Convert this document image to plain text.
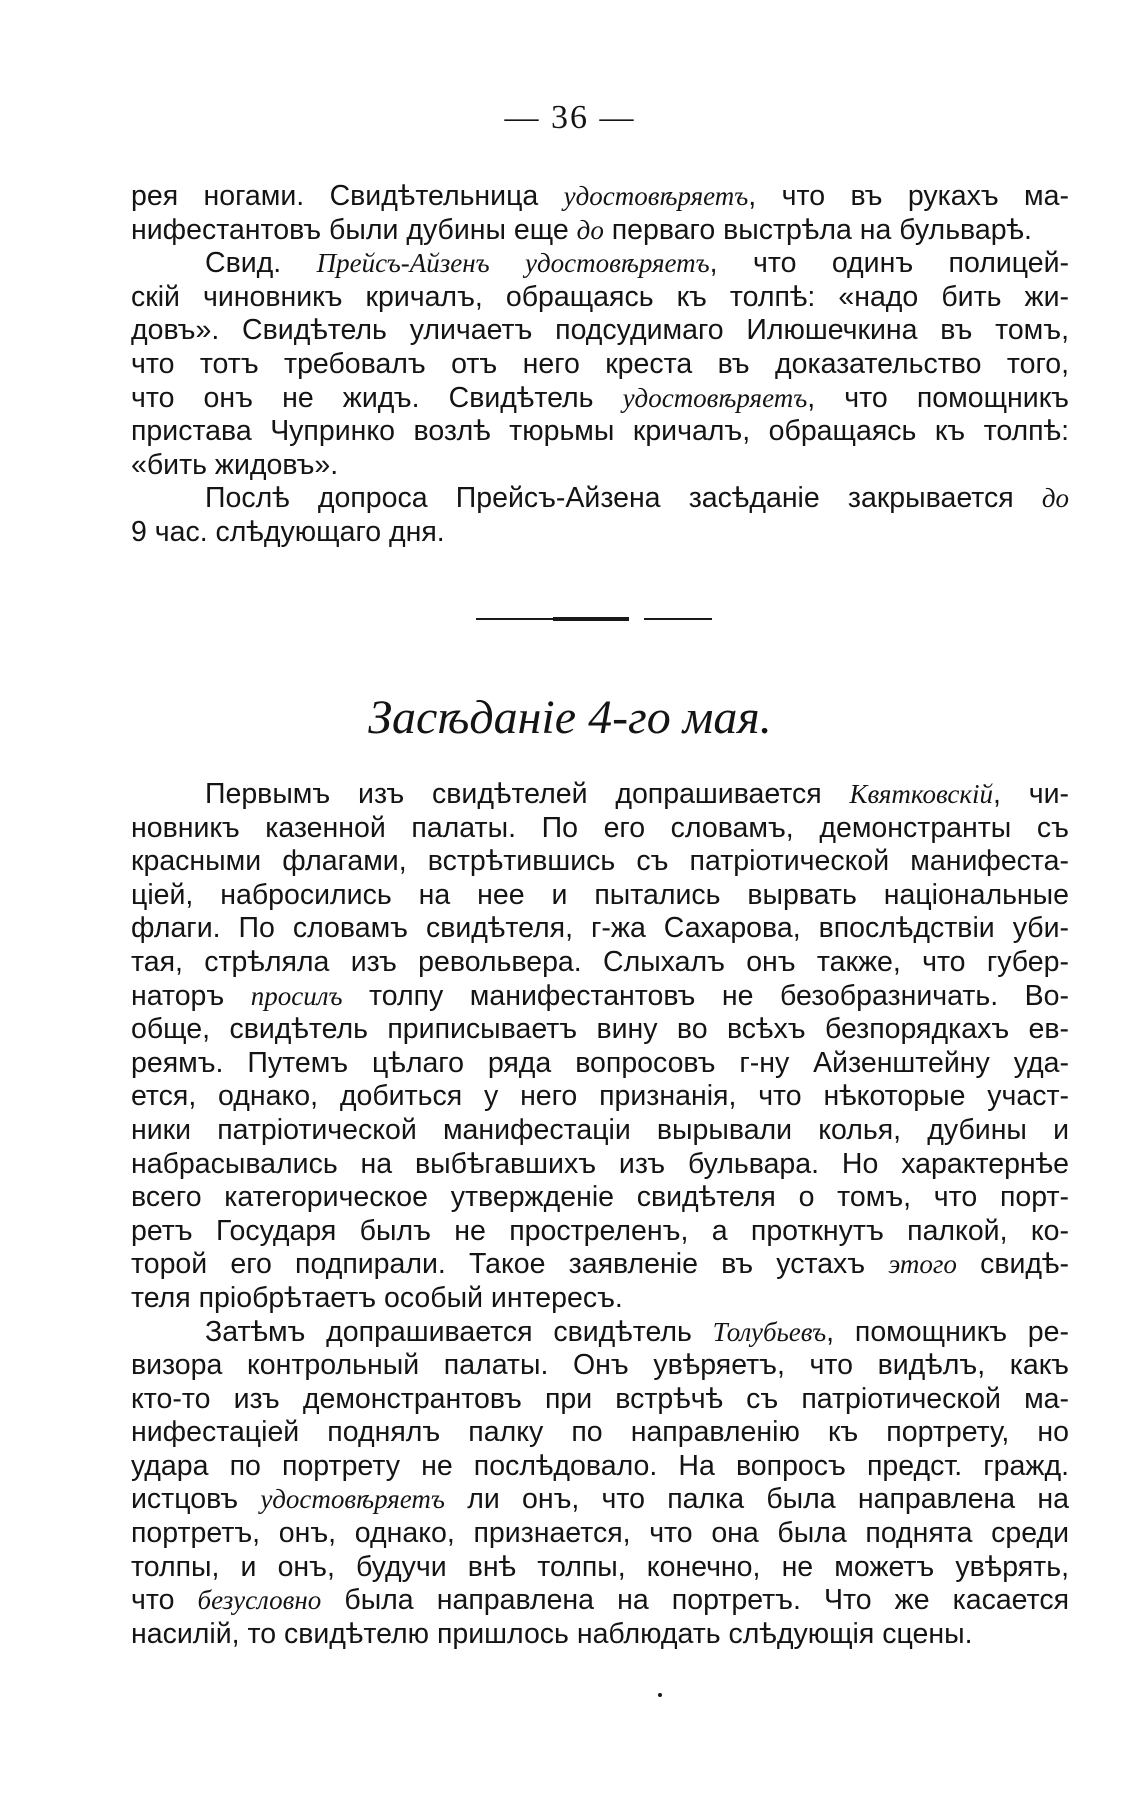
— 36 —

рея ногами. Свидѣтельница удостовѣряетъ, что въ рукахъ ма-

нифестантовъ были дубины еще до перваго выстрѣла на бульварѣ.

Свид. Прейсъ-Айзенъ удостовѣряетъ, что одинъ полицей-

скій чиновникъ кричалъ, обращаясь къ толпѣ: «надо бить жи-

довъ». Свидѣтель уличаетъ подсудимаго Илюшечкина въ томъ,

что тотъ требовалъ отъ него креста въ доказательство того,

что онъ не жидъ. Свидѣтель удостовѣряетъ, что помощникъ

пристава Чупринко возлѣ тюрьмы кричалъ, обращаясь къ толпѣ:

«бить жидовъ».

Послѣ допроса Прейсъ-Айзена засѣданіе закрывается до

9 час. слѣдующаго дня.

Засѣданіе 4-го мая.

Первымъ изъ свидѣтелей допрашивается Квятковскій, чи-

новникъ казенной палаты. По его словамъ, демонстранты съ

красными флагами, встрѣтившись съ патріотической манифеста-

ціей, набросились на нее и пытались вырвать національные

флаги. По словамъ свидѣтеля, г-жа Сахарова, впослѣдствіи уби-

тая, стрѣляла изъ револьвера. Слыхалъ онъ также, что губер-

наторъ просилъ толпу манифестантовъ не безобразничать. Во-

обще, свидѣтель приписываетъ вину во всѣхъ безпорядкахъ ев-

реямъ. Путемъ цѣлаго ряда вопросовъ г-ну Айзенштейну уда-

ется, однако, добиться у него признанія, что нѣкоторые участ-

ники патріотической манифестаціи вырывали колья, дубины и

набрасывались на выбѣгавшихъ изъ бульвара. Но характернѣе

всего категорическое утвержденіе свидѣтеля о томъ, что порт-

ретъ Государя былъ не простреленъ, а проткнутъ палкой, ко-

торой его подпирали. Такое заявленіе въ устахъ этого свидѣ-

теля пріобрѣтаетъ особый интересъ.

Затѣмъ допрашивается свидѣтель Толубьевъ, помощникъ ре-

визора контрольный палаты. Онъ увѣряетъ, что видѣлъ, какъ

кто-то изъ демонстрантовъ при встрѣчѣ съ патріотической ма-

нифестаціей поднялъ палку по направленію къ портрету, но

удара по портрету не послѣдовало. На вопросъ предст. гражд.

истцовъ удостовѣряетъ ли онъ, что палка была направлена на

портретъ, онъ, однако, признается, что она была поднята среди

толпы, и онъ, будучи внѣ толпы, конечно, не можетъ увѣрять,

что безусловно была направлена на портретъ. Что же касается

насилій, то свидѣтелю пришлось наблюдать слѣдующія сцены.
